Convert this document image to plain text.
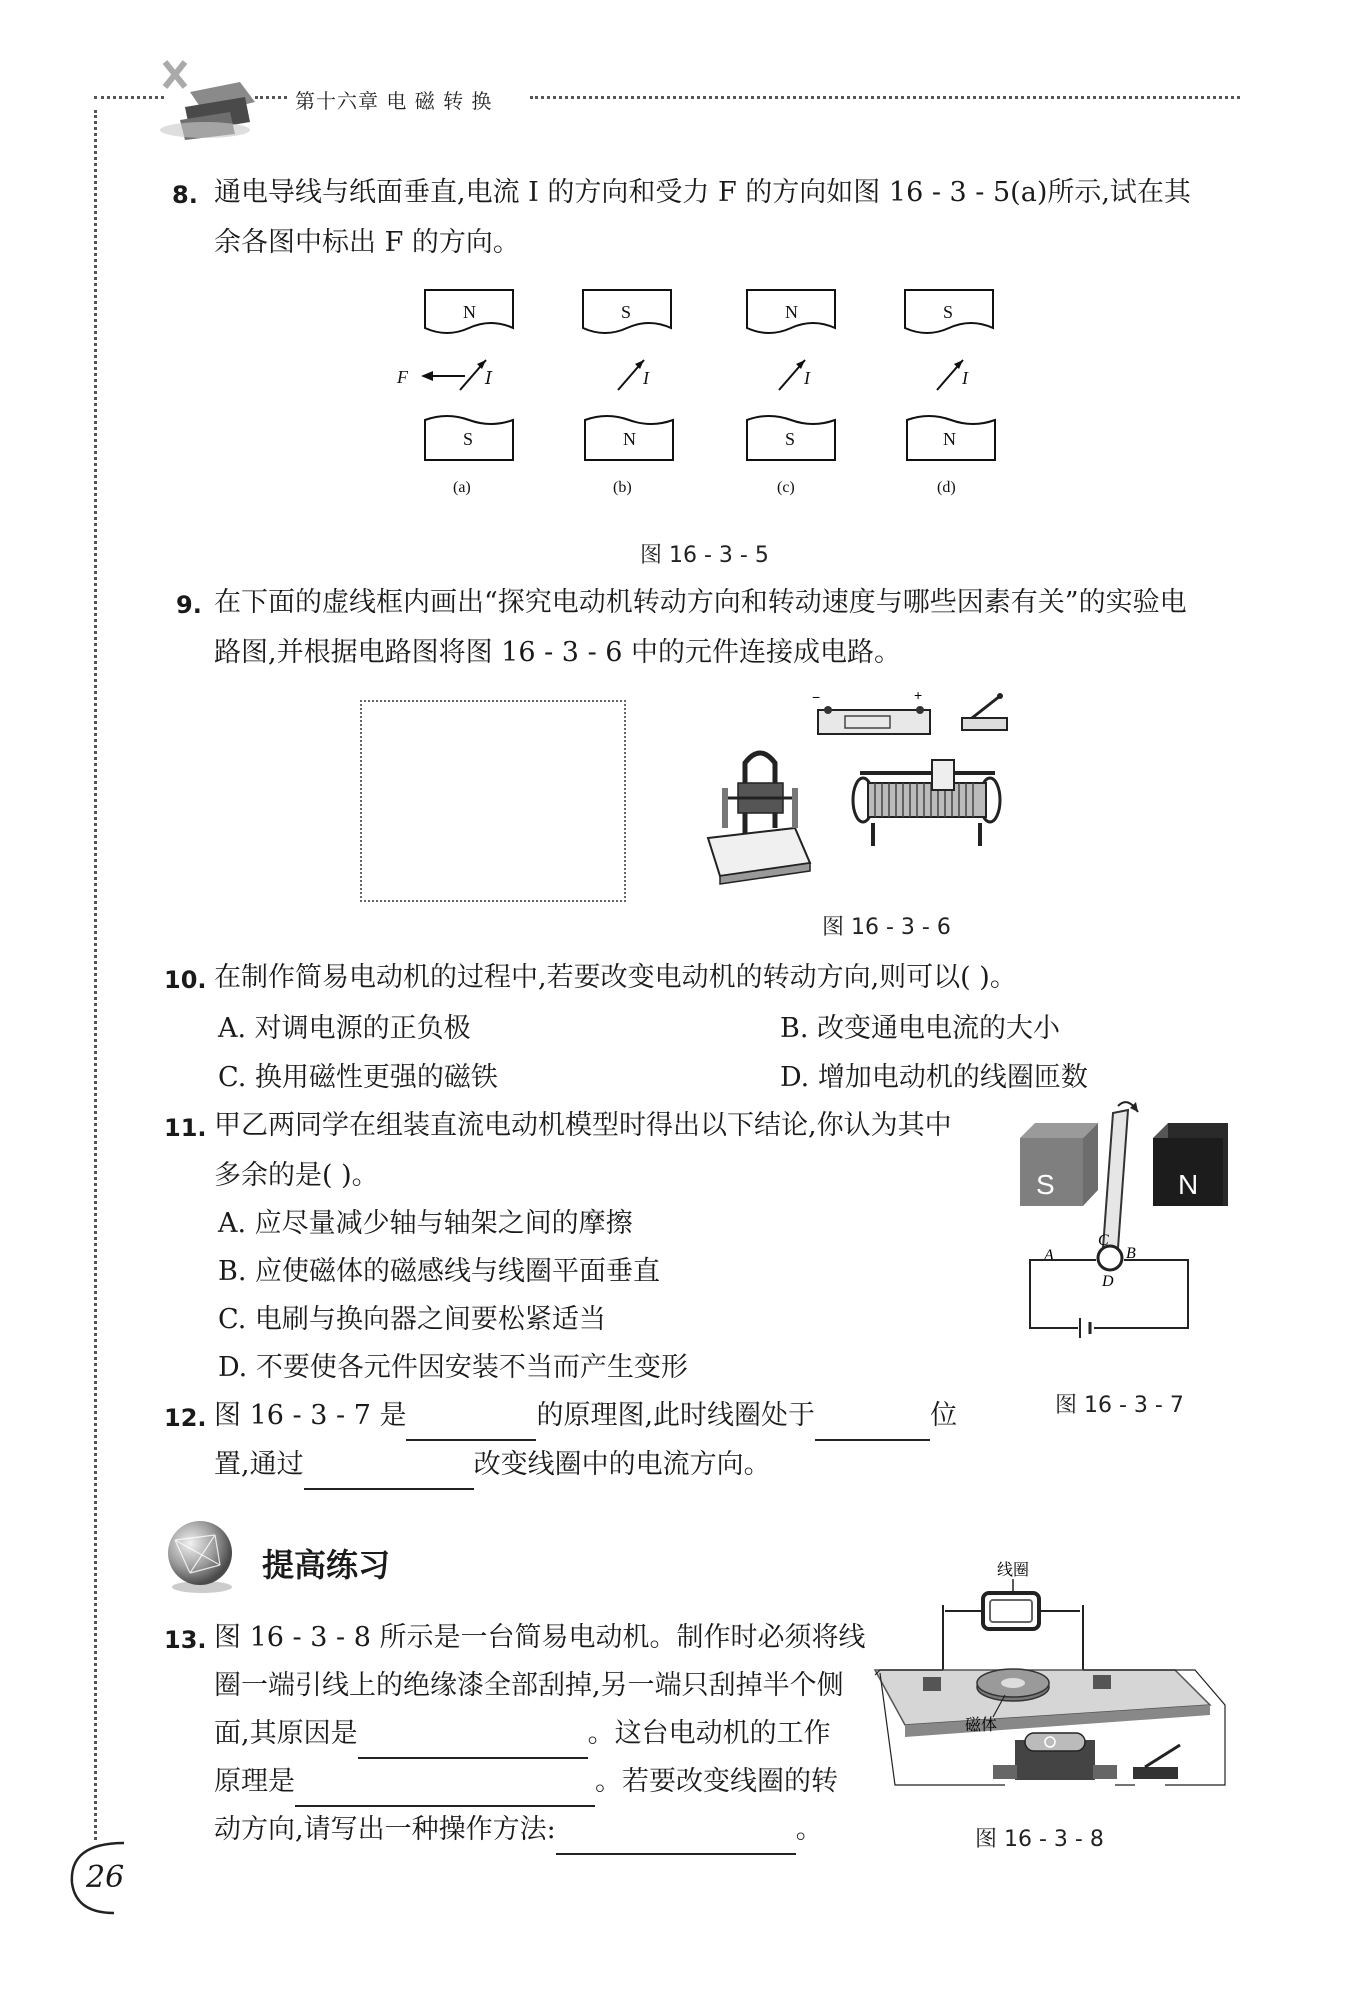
第十六章 电 磁 转 换
8. 通电导线与纸面垂直,电流 I 的方向和受力 F 的方向如图 16 - 3 - 5(a)所示,试在其
余各图中标出 F 的方向。
N
S
I
F
(a)
S
N
I
(b)
N
S
I
(c)
S
N
I
(d)
图 16 - 3 - 5
9. 在下面的虚线框内画出“探究电动机转动方向和转动速度与哪些因素有关”的实验电
路图,并根据电路图将图 16 - 3 - 6 中的元件连接成电路。
−	+
图 16 - 3 - 6
10. 在制作简易电动机的过程中,若要改变电动机的转动方向,则可以( )。
A. 对调电源的正负极	B. 改变通电电流的大小
C. 换用磁性更强的磁铁	D. 增加电动机的线圈匝数
11. 甲乙两同学在组装直流电动机模型时得出以下结论,你认为其中
多余的是( )。
A. 应尽量减少轴与轴架之间的摩擦
B. 应使磁体的磁感线与线圈平面垂直
C. 电刷与换向器之间要松紧适当
D. 不要使各元件因安装不当而产生变形
S	N
C
A	B
D
图 16 - 3 - 7
12. 图 16 - 3 - 7 是	的原理图,此时线圈处于	位
置,通过	改变线圈中的电流方向。
提高练习
13. 图 16 - 3 - 8 所示是一台简易电动机。制作时必须将线
圈一端引线上的绝缘漆全部刮掉,另一端只刮掉半个侧
面,其原因是	。这台电动机的工作
原理是	。若要改变线圈的转
动方向,请写出一种操作方法:	。
线圈
磁体
图 16 - 3 - 8
26
